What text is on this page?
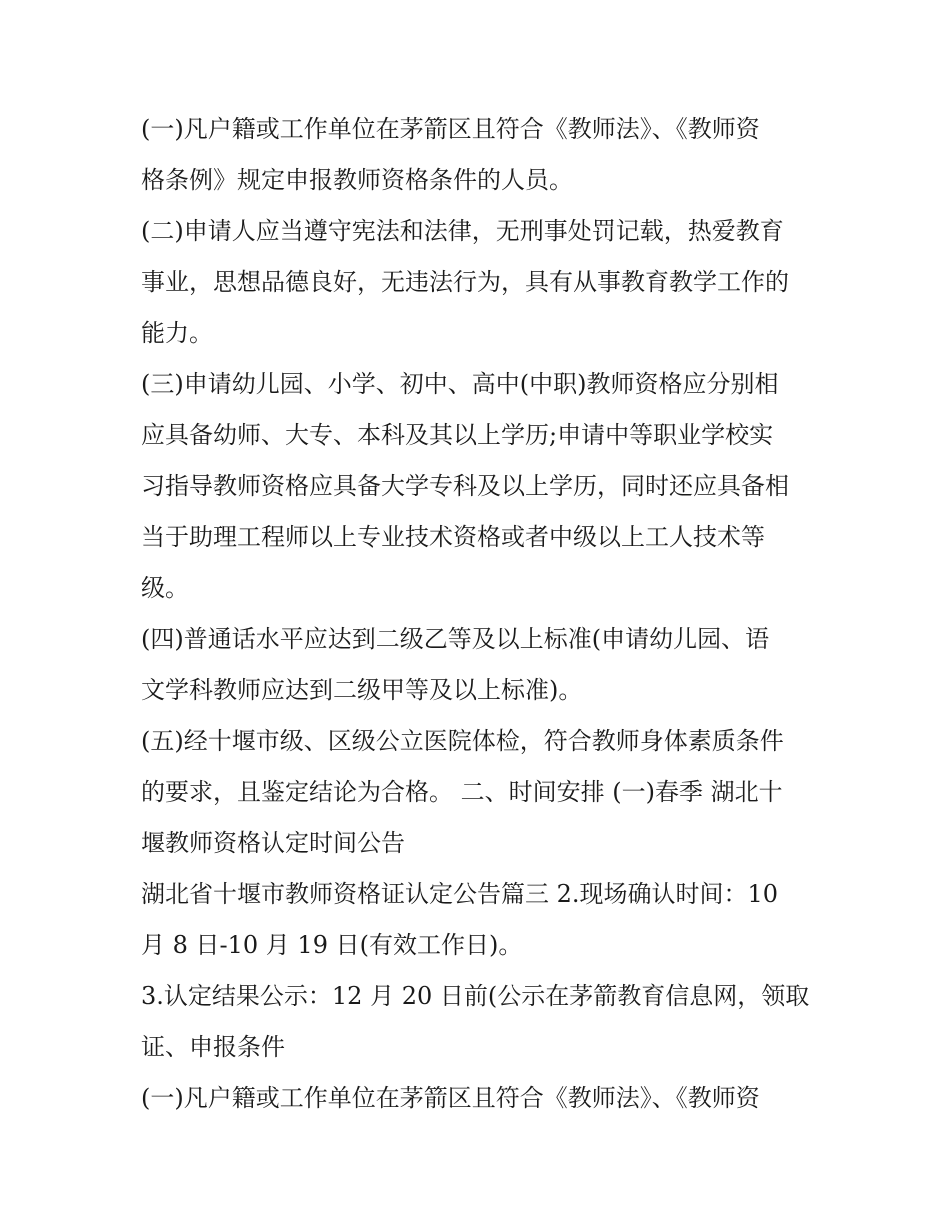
(一)凡户籍或工作单位在茅箭区且符合《教师法》、《教师资
格条例》规定申报教师资格条件的人员。

(二)申请人应当遵守宪法和法律，无刑事处罚记载，热爱教育
事业，思想品德良好，无违法行为，具有从事教育教学工作的
能力。

(三)申请幼儿园、小学、初中、高中(中职)教师资格应分别相
应具备幼师、大专、本科及其以上学历;申请中等职业学校实
习指导教师资格应具备大学专科及以上学历，同时还应具备相
当于助理工程师以上专业技术资格或者中级以上工人技术等
级。

(四)普通话水平应达到二级乙等及以上标准(申请幼儿园、语
文学科教师应达到二级甲等及以上标准)。

(五)经十堰市级、区级公立医院体检，符合教师身体素质条件
的要求，且鉴定结论为合格。 二、时间安排 (一)春季 湖北十
堰教师资格认定时间公告

湖北省十堰市教师资格证认定公告篇三 2.现场确认时间：10
月 8 日-10 月 19 日(有效工作日)。

3.认定结果公示：12 月 20 日前(公示在茅箭教育信息网，领取
证、申报条件

(一)凡户籍或工作单位在茅箭区且符合《教师法》、《教师资
